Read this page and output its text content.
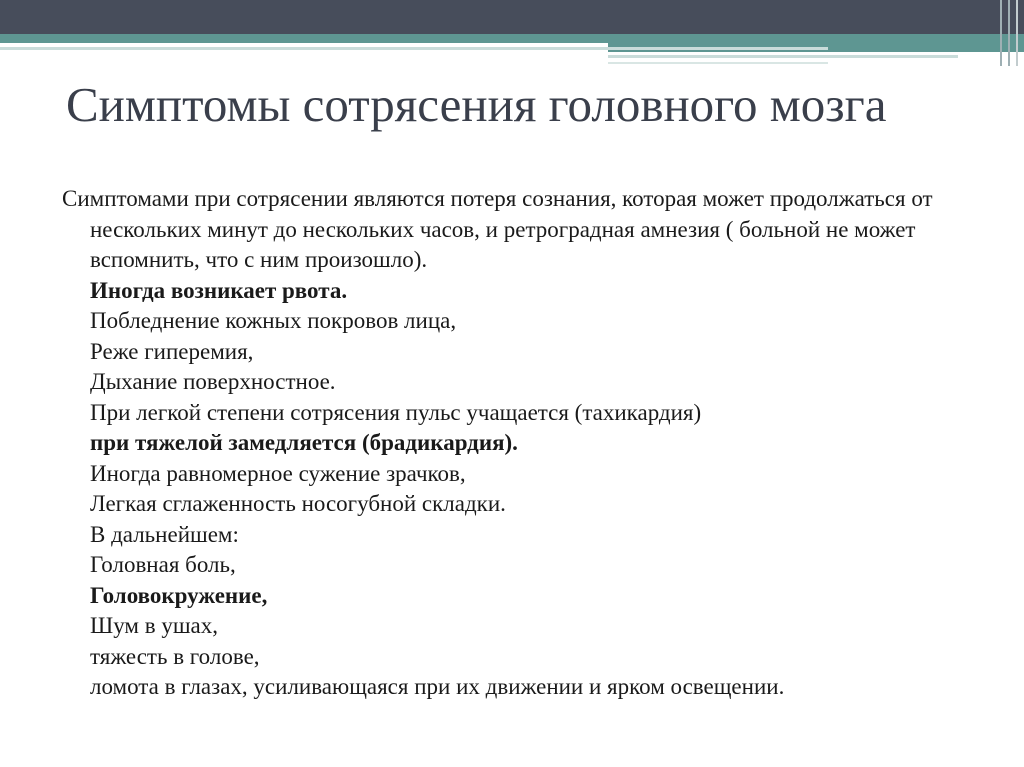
Симптомы сотрясения головного мозга

Симптомами при сотрясении являются потеря сознания, которая может продолжаться от нескольких минут до нескольких часов, и ретроградная амнезия ( больной не может вспомнить, что с ним произошло).

Иногда возникает рвота.
Побледнение кожных покровов лица,
Реже гиперемия,
Дыхание поверхностное.
При легкой степени сотрясения пульс учащается (тахикардия)
при тяжелой замедляется (брадикардия).
Иногда равномерное сужение зрачков,
Легкая сглаженность носогубной складки.
В дальнейшем:
Головная боль,
Головокружение,
Шум в ушах,
тяжесть в голове,
ломота в глазах, усиливающаяся при их движении и ярком освещении.
